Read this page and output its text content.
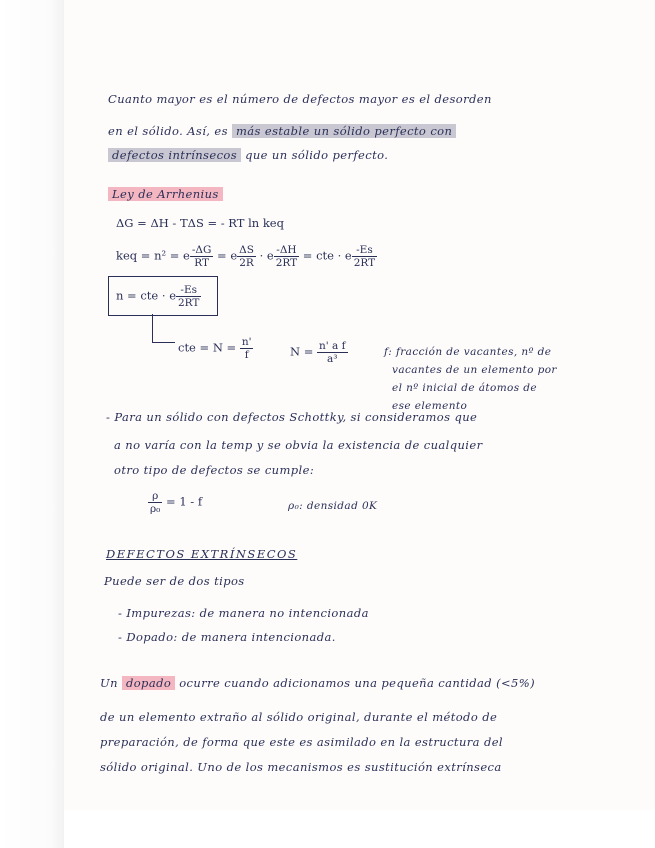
Cuanto mayor es el número de defectos mayor es el desorden
en el sólido. Así, es más estable un sólido perfecto con
defectos intrínsecos que un sólido perfecto.
Ley de Arrhenius
ΔG = ΔH - TΔS = - RT ln keq
keq = n² = e $\frac{-\Delta G}{RT} = e \frac{\Delta S}{2R} \cdot e \frac{-\Delta H}{2RT}$ = cte · e $\frac{-Es}{2RT}$
n = cte · e $\frac{-Es}{2RT}$
cte = $N = \frac{n'}{f}$	$N = \frac{\text{n' a f}}{\text{a³}}$	f: fracción de vacantes, nº de
vacantes de un elemento por
el nº inicial de átomos de
ese elemento
- Para un sólido con defectos Schottky, si consideramos que
a no varía con la temp y se obvia la existencia de cualquier
otro tipo de defectos se cumple:
$\frac{\rho}{\text{ρ₀}} = 1 - f$	ρ₀: densidad 0K
DEFECTOS EXTRÍNSECOS
Puede ser de dos tipos
- Impurezas: de manera no intencionada
- Dopado: de manera intencionada.
Un dopado ocurre cuando adicionamos una pequeña cantidad (<5%)
de un elemento extraño al sólido original, durante el método de
preparación, de forma que este es asimilado en la estructura del
sólido original. Uno de los mecanismos es sustitución extrínseca
